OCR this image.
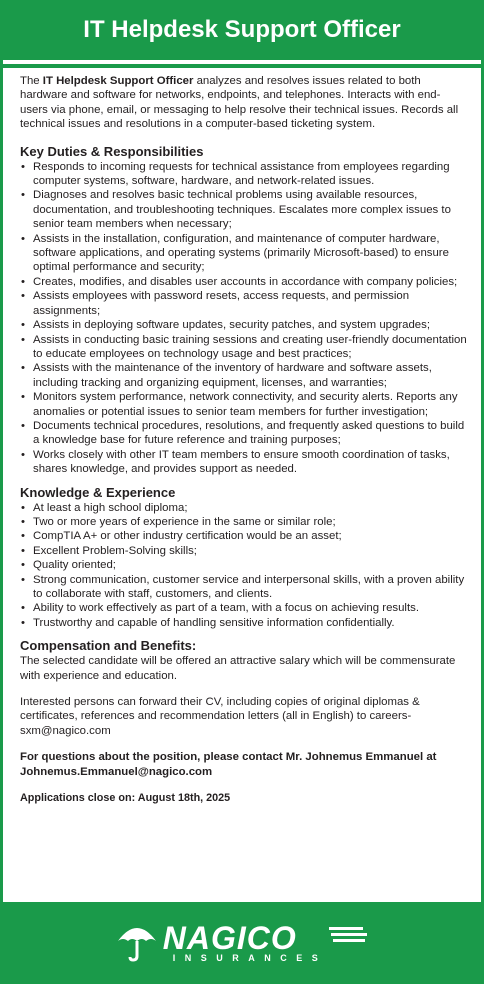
IT Helpdesk Support Officer

The IT Helpdesk Support Officer analyzes and resolves issues related to both hardware and software for networks, endpoints, and telephones. Interacts with end-users via phone, email, or messaging to help resolve their technical issues. Records all technical issues and resolutions in a computer-based ticketing system.

Key Duties & Responsibilities
• Responds to incoming requests for technical assistance from employees regarding computer systems, software, hardware, and network-related issues.
• Diagnoses and resolves basic technical problems using available resources, documentation, and troubleshooting techniques. Escalates more complex issues to senior team members when necessary;
• Assists in the installation, configuration, and maintenance of computer hardware, software applications, and operating systems (primarily Microsoft-based) to ensure optimal performance and security;
• Creates, modifies, and disables user accounts in accordance with company policies;
• Assists employees with password resets, access requests, and permission assignments;
• Assists in deploying software updates, security patches, and system upgrades;
• Assists in conducting basic training sessions and creating user-friendly documentation to educate employees on technology usage and best practices;
• Assists with the maintenance of the inventory of hardware and software assets, including tracking and organizing equipment, licenses, and warranties;
• Monitors system performance, network connectivity, and security alerts. Reports any anomalies or potential issues to senior team members for further investigation;
• Documents technical procedures, resolutions, and frequently asked questions to build a knowledge base for future reference and training purposes;
• Works closely with other IT team members to ensure smooth coordination of tasks, shares knowledge, and provides support as needed.
Knowledge & Experience
• At least a high school diploma;
• Two or more years of experience in the same or similar role;
• CompTIA A+ or other industry certification would be an asset;
• Excellent Problem-Solving skills;
• Quality oriented;
• Strong communication, customer service and interpersonal skills, with a proven ability to collaborate with staff, customers, and clients.
• Ability to work effectively as part of a team, with a focus on achieving results.
• Trustworthy and capable of handling sensitive information confidentially.
Compensation and Benefits:

The selected candidate will be offered an attractive salary which will be commensurate with experience and education.

Interested persons can forward their CV, including copies of original diplomas & certificates, references and recommendation letters (all in English) to careers-sxm@nagico.com

For questions about the position, please contact Mr. Johnemus Emmanuel at Johnemus.Emmanuel@nagico.com

Applications close on: August 18th, 2025

NAGICO
INSURANCES
